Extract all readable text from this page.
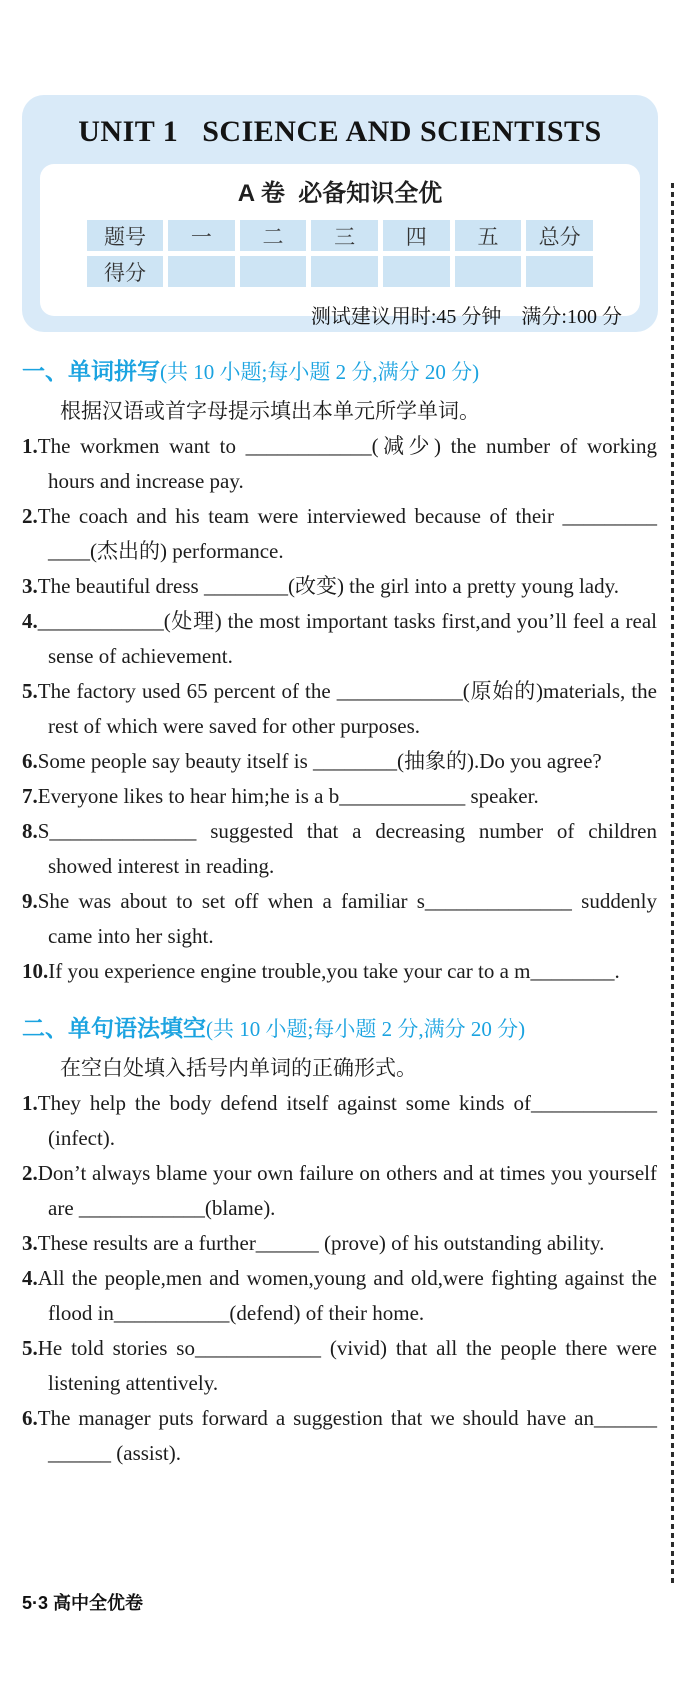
UNIT 1   SCIENCE AND SCIENTISTS
A 卷  必备知识全优
题号	一	二	三	四	五	总分
得分						
测试建议用时:45 分钟    满分:100 分
一、单词拼写(共 10 小题;每小题 2 分,满分 20 分)
根据汉语或首字母提示填出本单元所学单词。
1.The workmen want to ____________(减少) the number of working hours and increase pay.
2.The coach and his team were interviewed because of their _________ ____(杰出的) performance.
3.The beautiful dress ________(改变) the girl into a pretty young lady.
4.____________(处理) the most important tasks first,and you’ll feel a real sense of achievement.
5.The factory used 65 percent of the ____________(原始的)materials, the rest of which were saved for other purposes.
6.Some people say beauty itself is ________(抽象的).Do you agree?
7.Everyone likes to hear him;he is a b____________ speaker.
8.S______________ suggested that a decreasing number of children showed interest in reading.
9.She was about to set off when a familiar s______________ suddenly came into her sight.
10.If you experience engine trouble,you take your car to a m________.
二、单句语法填空(共 10 小题;每小题 2 分,满分 20 分)
在空白处填入括号内单词的正确形式。
1.They help the body defend itself against some kinds of____________ (infect).
2.Don’t always blame your own failure on others and at times you yourself are ____________(blame).
3.These results are a further______ (prove) of his outstanding ability.
4.All the people,men and women,young and old,were fighting against the flood in___________(defend) of their home.
5.He told stories so____________ (vivid) that all the people there were listening attentively.
6.The manager puts forward a suggestion that we should have an______ ______ (assist).
5·3 高中全优卷
